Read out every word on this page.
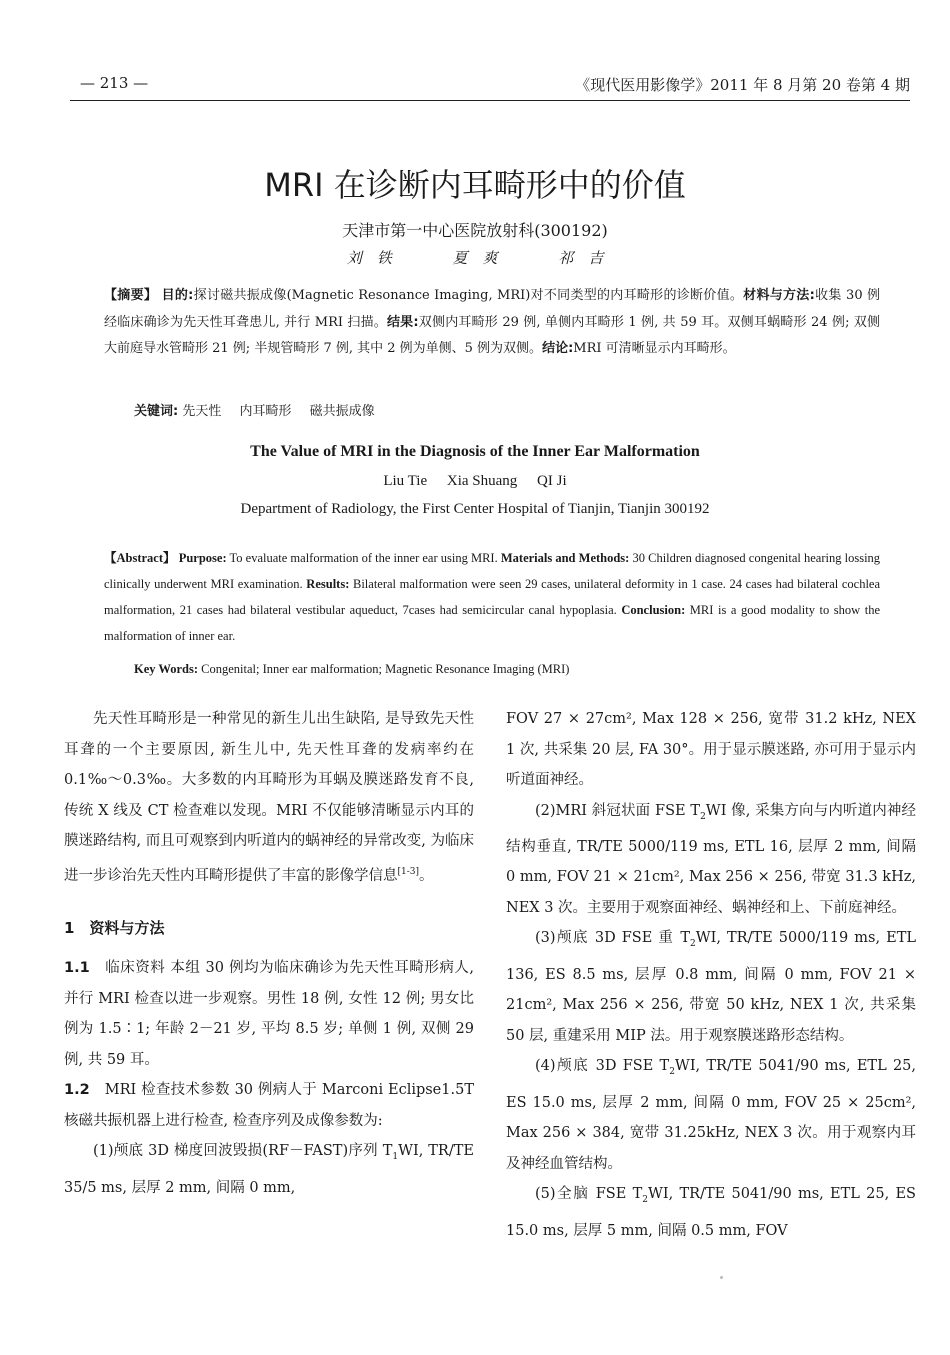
— 213 —	《现代医用影像学》2011 年 8 月第 20 卷第 4 期
MRI 在诊断内耳畸形中的价值
天津市第一中心医院放射科(300192)
刘　铁	夏　爽	祁　吉
【摘要】 目的:探讨磁共振成像(Magnetic Resonance Imaging, MRI)对不同类型的内耳畸形的诊断价值。材料与方法:收集 30 例经临床确诊为先天性耳聋患儿, 并行 MRI 扫描。结果:双侧内耳畸形 29 例, 单侧内耳畸形 1 例, 共 59 耳。双侧耳蜗畸形 24 例; 双侧大前庭导水管畸形 21 例; 半规管畸形 7 例, 其中 2 例为单侧、5 例为双侧。结论:MRI 可清晰显示内耳畸形。
关键词: 先天性 内耳畸形 磁共振成像
The Value of MRI in the Diagnosis of the Inner Ear Malformation
Liu Tie Xia Shuang QI Ji
Department of Radiology, the First Center Hospital of Tianjin, Tianjin 300192
【Abstract】 Purpose: To evaluate malformation of the inner ear using MRI. Materials and Methods: 30 Children diagnosed congenital hearing lossing clinically underwent MRI examination. Results: Bilateral malformation were seen 29 cases, unilateral deformity in 1 case. 24 cases had bilateral cochlea malformation, 21 cases had bilateral vestibular aqueduct, 7cases had semicircular canal hypoplasia. Conclusion: MRI is a good modality to show the malformation of inner ear.
Key Words: Congenital; Inner ear malformation; Magnetic Resonance Imaging (MRI)

先天性耳畸形是一种常见的新生儿出生缺陷, 是导致先天性耳聋的一个主要原因, 新生儿中, 先天性耳聋的发病率约在 0.1‰～0.3‰。大多数的内耳畸形为耳蜗及膜迷路发育不良, 传统 X 线及 CT 检查难以发现。MRI 不仅能够清晰显示内耳的膜迷路结构, 而且可观察到内听道内的蜗神经的异常改变, 为临床进一步诊治先天性内耳畸形提供了丰富的影像学信息[1-3]。

1　资料与方法

1.1　 临床资料 本组 30 例均为临床确诊为先天性耳畸形病人, 并行 MRI 检查以进一步观察。男性 18 例, 女性 12 例; 男女比例为 1.5∶1; 年龄 2－21 岁, 平均 8.5 岁; 单侧 1 例, 双侧 29 例, 共 59 耳。

1.2　 MRI 检查技术参数 30 例病人于 Marconi Eclipse1.5T 核磁共振机器上进行检查, 检查序列及成像参数为:

(1)颅底 3D 梯度回波毁损(RF－FAST)序列 $T_1WI$, TR/TE 35/5 ms, 层厚 2 mm, 间隔 0 mm,

FOV 27 × 27cm², Max 128 × 256, 宽带 31.2 kHz, NEX 1 次, 共采集 20 层, FA 30°。用于显示膜迷路, 亦可用于显示内听道面神经。

(2)MRI 斜冠状面 FSE $T_2WI$ 像, 采集方向与内听道内神经结构垂直, TR/TE 5000/119 ms, ETL 16, 层厚 2 mm, 间隔 0 mm, FOV 21 × 21cm², Max 256 × 256, 带宽 31.3 kHz, NEX 3 次。主要用于观察面神经、蜗神经和上、下前庭神经。

(3)颅底 3D FSE 重 $T_2WI$, TR/TE 5000/119 ms, ETL 136, ES 8.5 ms, 层厚 0.8 mm, 间隔 0 mm, FOV 21 × 21cm², Max 256 × 256, 带宽 50 kHz, NEX 1 次, 共采集 50 层, 重建采用 MIP 法。用于观察膜迷路形态结构。

(4)颅底 3D FSE $T_2WI$, TR/TE 5041/90 ms, ETL 25, ES 15.0 ms, 层厚 2 mm, 间隔 0 mm, FOV 25 × 25cm², Max 256 × 384, 宽带 31.25kHz, NEX 3 次。用于观察内耳及神经血管结构。

(5)全脑 FSE $T_2WI$, TR/TE 5041/90 ms, ETL 25, ES 15.0 ms, 层厚 5 mm, 间隔 0.5 mm, FOV
